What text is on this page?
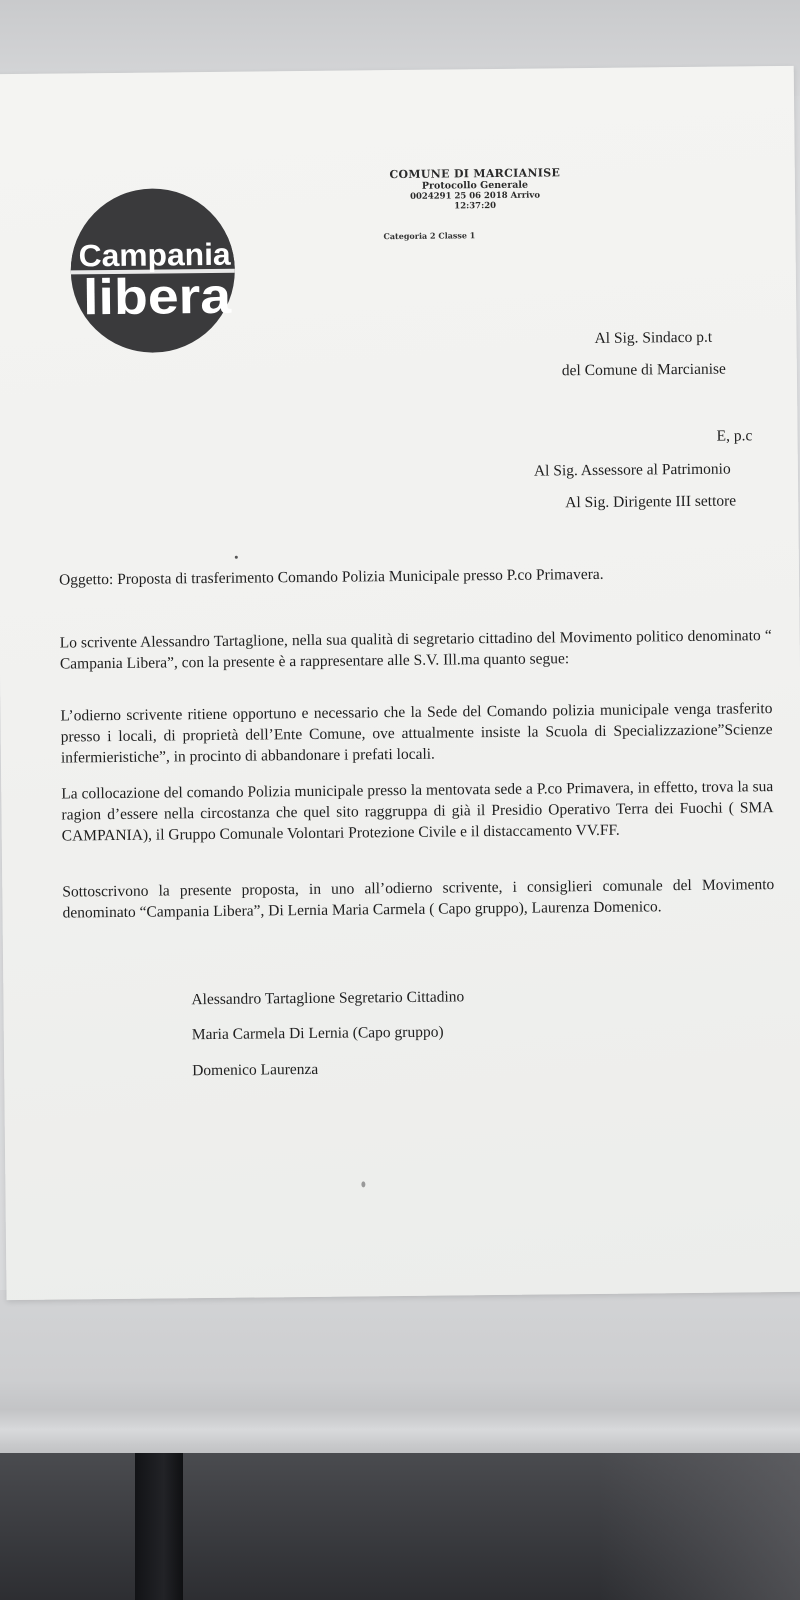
Campania
libera
COMUNE DI MARCIANISE
Protocollo Generale
0024291 25 06 2018 Arrivo
12:37:20
Categoria 2 Classe 1
Al Sig. Sindaco p.t
del Comune di Marcianise
E, p.c
Al Sig. Assessore al Patrimonio
Al Sig. Dirigente III settore
Oggetto: Proposta di trasferimento Comando Polizia Municipale presso P.co Primavera.
Lo scrivente Alessandro Tartaglione, nella sua qualità di segretario cittadino del Movimento politico denominato “ Campania Libera”, con la presente è a rappresentare alle S.V. Ill.ma quanto segue:
L’odierno scrivente ritiene opportuno e necessario che la Sede del Comando polizia municipale venga trasferito presso i locali, di proprietà dell’Ente Comune, ove attualmente insiste la Scuola di Specializzazione”Scienze infermieristiche”, in procinto di abbandonare i prefati locali.
La collocazione del comando Polizia municipale presso la mentovata sede a P.co Primavera, in effetto, trova la sua ragion d’essere nella circostanza che quel sito raggruppa di già il Presidio Operativo Terra dei Fuochi ( SMA CAMPANIA), il Gruppo Comunale Volontari Protezione Civile e il distaccamento VV.FF.
Sottoscrivono la presente proposta, in uno all’odierno scrivente, i consiglieri comunale del Movimento denominato “Campania Libera”, Di Lernia Maria Carmela ( Capo gruppo), Laurenza Domenico.
Alessandro Tartaglione Segretario Cittadino
Maria Carmela Di Lernia (Capo gruppo)
Domenico Laurenza
